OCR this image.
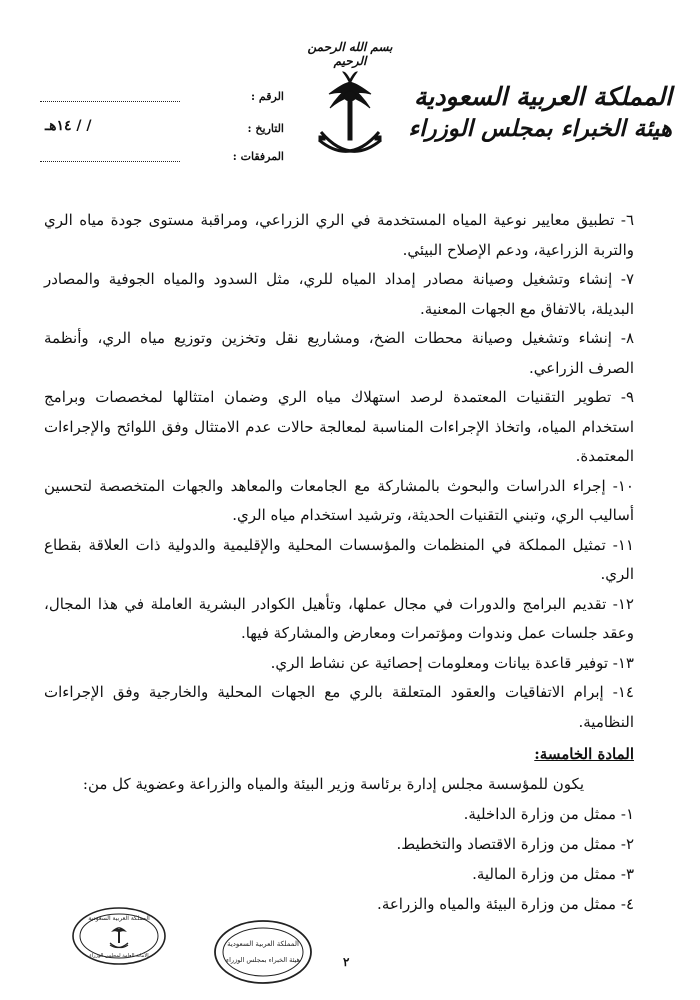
بسم الله الرحمن الرحيم
المملكة العربية السعودية
هيئة الخبراء بمجلس الوزراء
الرقم :
التاريخ :
/ / ١٤هـ
المرفقات :

٦- تطبيق معايير نوعية المياه المستخدمة في الري الزراعي، ومراقبة مستوى جودة مياه الري والتربة الزراعية، ودعم الإصلاح البيئي.

٧- إنشاء وتشغيل وصيانة مصادر إمداد المياه للري، مثل السدود والمياه الجوفية والمصادر البديلة، بالاتفاق مع الجهات المعنية.

٨- إنشاء وتشغيل وصيانة محطات الضخ، ومشاريع نقل وتخزين وتوزيع مياه الري، وأنظمة الصرف الزراعي.

٩- تطوير التقنيات المعتمدة لرصد استهلاك مياه الري وضمان امتثالها لمخصصات وبرامج استخدام المياه، واتخاذ الإجراءات المناسبة لمعالجة حالات عدم الامتثال وفق اللوائح والإجراءات المعتمدة.

١٠- إجراء الدراسات والبحوث بالمشاركة مع الجامعات والمعاهد والجهات المتخصصة لتحسين أساليب الري، وتبني التقنيات الحديثة، وترشيد استخدام مياه الري.

١١- تمثيل المملكة في المنظمات والمؤسسات المحلية والإقليمية والدولية ذات العلاقة بقطاع الري.

١٢- تقديم البرامج والدورات في مجال عملها، وتأهيل الكوادر البشرية العاملة في هذا المجال، وعقد جلسات عمل وندوات ومؤتمرات ومعارض والمشاركة فيها.

١٣- توفير قاعدة بيانات ومعلومات إحصائية عن نشاط الري.

١٤- إبرام الاتفاقيات والعقود المتعلقة بالري مع الجهات المحلية والخارجية وفق الإجراءات النظامية.

المادة الخامسة:
يكون للمؤسسة مجلس إدارة برئاسة وزير البيئة والمياه والزراعة وعضوية كل من:
١- ممثل من وزارة الداخلية.
٢- ممثل من وزارة الاقتصاد والتخطيط.
٣- ممثل من وزارة المالية.
٤- ممثل من وزارة البيئة والمياه والزراعة.
المملكة العربية السعودية
الأمانة العامة لمجلس الوزراء
المملكة العربية السعودية
هيئة الخبراء بمجلس الوزراء	٢
